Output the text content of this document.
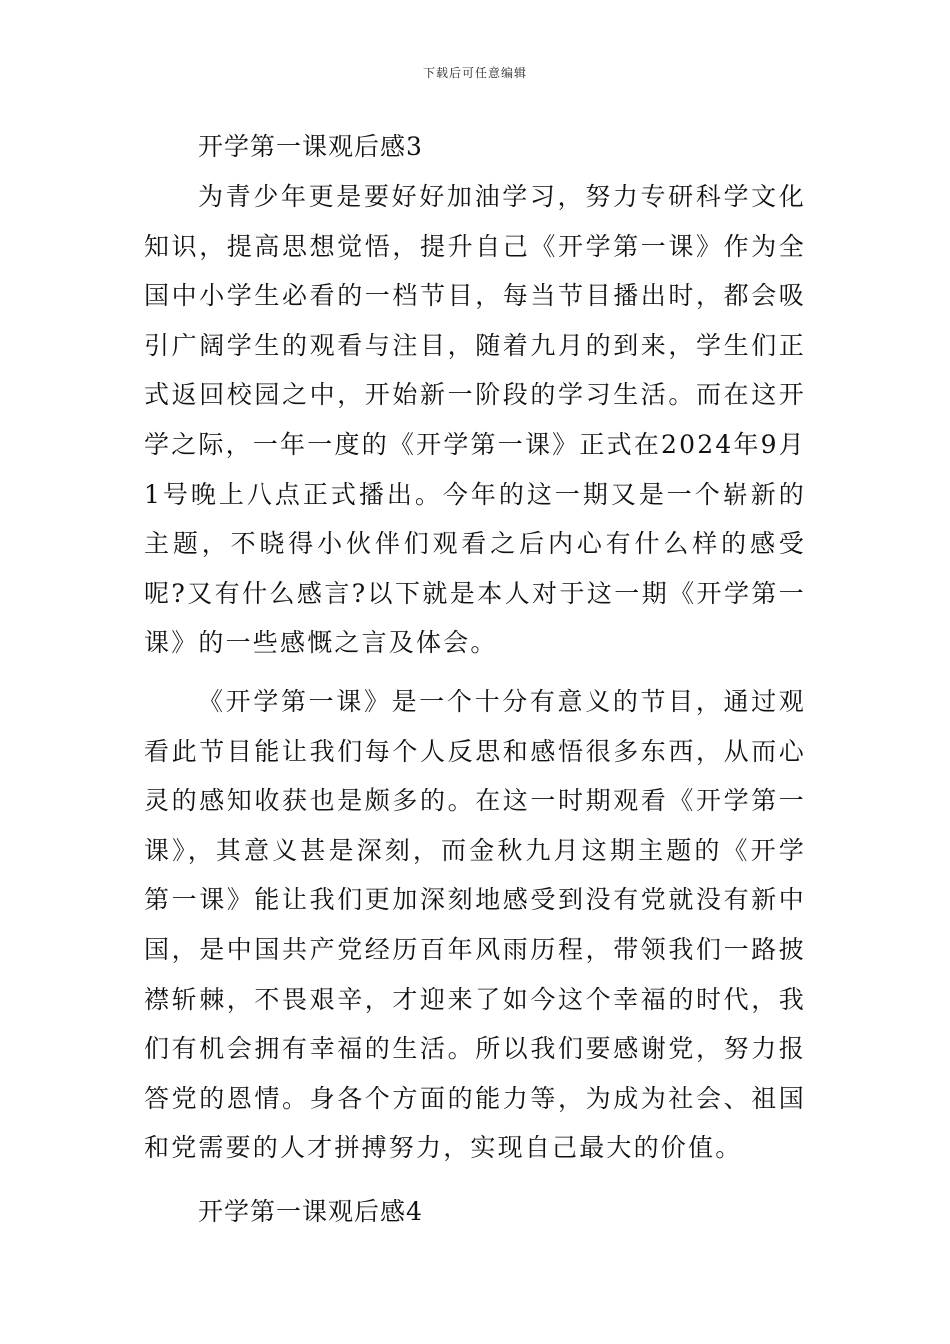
下载后可任意编辑
开学第一课观后感3

为青少年更是要好好加油学习，努力专研科学文化知识，提高思想觉悟，提升自己《开学第一课》作为全国中小学生必看的一档节目，每当节目播出时，都会吸引广阔学生的观看与注目，随着九月的到来，学生们正式返回校园之中，开始新一阶段的学习生活。而在这开学之际，一年一度的《开学第一课》正式在2024年9月1号晚上八点正式播出。今年的这一期又是一个崭新的主题，不晓得小伙伴们观看之后内心有什么样的感受呢?又有什么感言?以下就是本人对于这一期《开学第一课》的一些感慨之言及体会。

《开学第一课》是一个十分有意义的节目，通过观看此节目能让我们每个人反思和感悟很多东西，从而心灵的感知收获也是颇多的。在这一时期观看《开学第一课》，其意义甚是深刻，而金秋九月这期主题的《开学第一课》能让我们更加深刻地感受到没有党就没有新中国，是中国共产党经历百年风雨历程，带领我们一路披襟斩棘，不畏艰辛，才迎来了如今这个幸福的时代，我们有机会拥有幸福的生活。所以我们要感谢党，努力报答党的恩情。身各个方面的能力等，为成为社会、祖国和党需要的人才拼搏努力，实现自己最大的价值。

开学第一课观后感4
